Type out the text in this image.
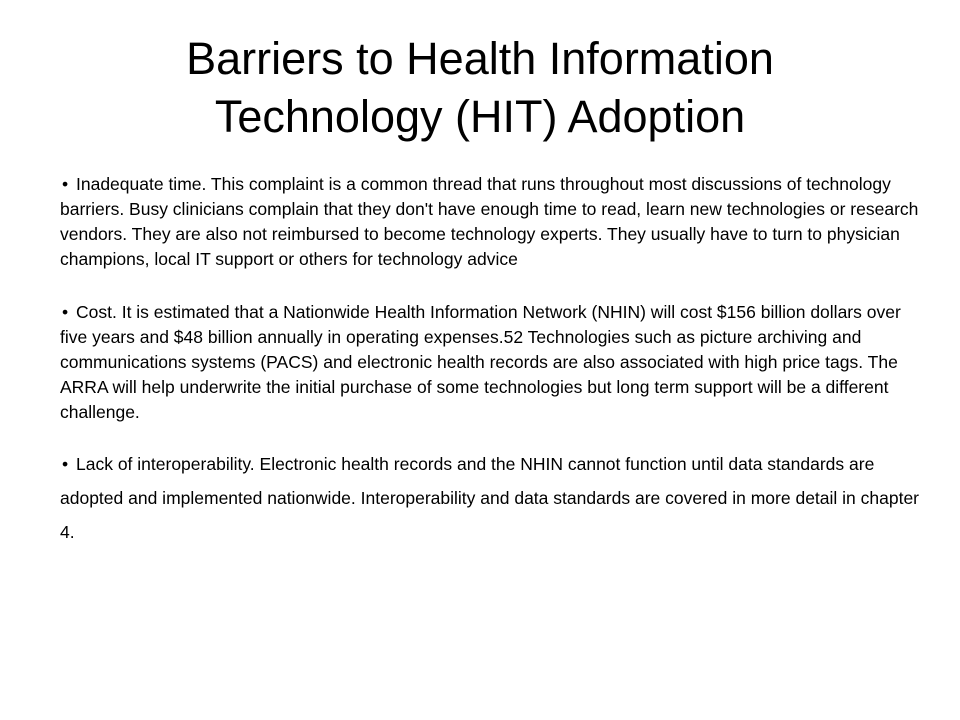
Barriers to Health Information
Technology (HIT) Adoption

• Inadequate time. This complaint is a common thread that runs throughout most discussions of technology barriers. Busy clinicians complain that they don't have enough time to read, learn new technologies or research vendors. They are also not reimbursed to become technology experts. They usually have to turn to physician champions, local IT support or others for technology advice

• Cost. It is estimated that a Nationwide Health Information Network (NHIN) will cost $156 billion dollars over five years and $48 billion annually in operating expenses.52 Technologies such as picture archiving and communications systems (PACS) and electronic health records are also associated with high price tags. The ARRA will help underwrite the initial purchase of some technologies but long term support will be a different challenge.

• Lack of interoperability. Electronic health records and the NHIN cannot function until data standards are adopted and implemented nationwide. Interoperability and data standards are covered in more detail in chapter 4.
